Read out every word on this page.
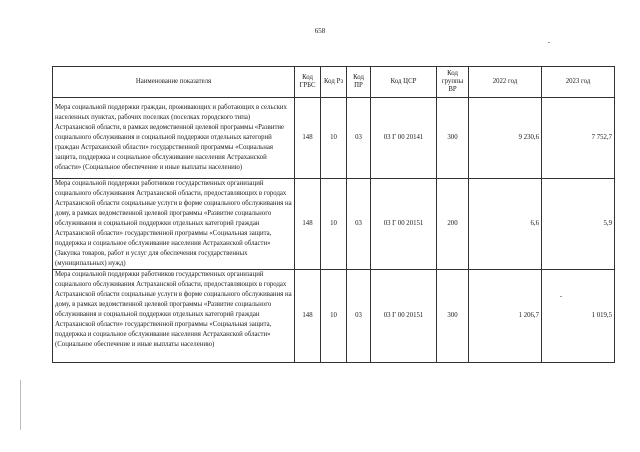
658
Наименование показателя	Код ГРБС	Код Рз	Код ПР	Код ЦСР	Код группы ВР	2022 год	2023 год
Мера социальной поддержки граждан, проживающих и работающих в сельских населенных пунктах, рабочих поселках (поселках городского типа) Астраханской области, в рамках ведомственной целевой программы «Развитие социального обслуживания и социальной поддержки отдельных категорий граждан Астраханской области» государственной программы «Социальная защита, поддержка и социальное обслуживание населения Астраханской области» (Социальное обеспечение и иные выплаты населению)	148	10	03	03 Г 00 20141	300	9 230,6	7 752,7
Мера социальной поддержки работников государственных организаций социального обслуживания Астраханской области, предоставляющих в городах Астраханской области социальные услуги в форме социального обслуживания на дому, в рамках ведомственной целевой программы «Развитие социального обслуживания и социальной поддержки отдельных категорий граждан Астраханской области» государственной программы «Социальная защита, поддержка и социальное обслуживание населения Астраханской области» (Закупка товаров, работ и услуг для обеспечения государственных (муниципальных) нужд)	148	10	03	03 Г 00 20151	200	6,6	5,9
Мера социальной поддержки работников государственных организаций социального обслуживания Астраханской области, предоставляющих в городах Астраханской области социальные услуги в форме социального обслуживания на дому, в рамках ведомственной целевой программы «Развитие социального обслуживания и социальной поддержки отдельных категорий граждан Астраханской области» государственной программы «Социальная защита, поддержка и социальное обслуживание населения Астраханской области» (Социальное обеспечение и иные выплаты населению)	148	10	03	03 Г 00 20151	300	1 206,7	1 019,5
